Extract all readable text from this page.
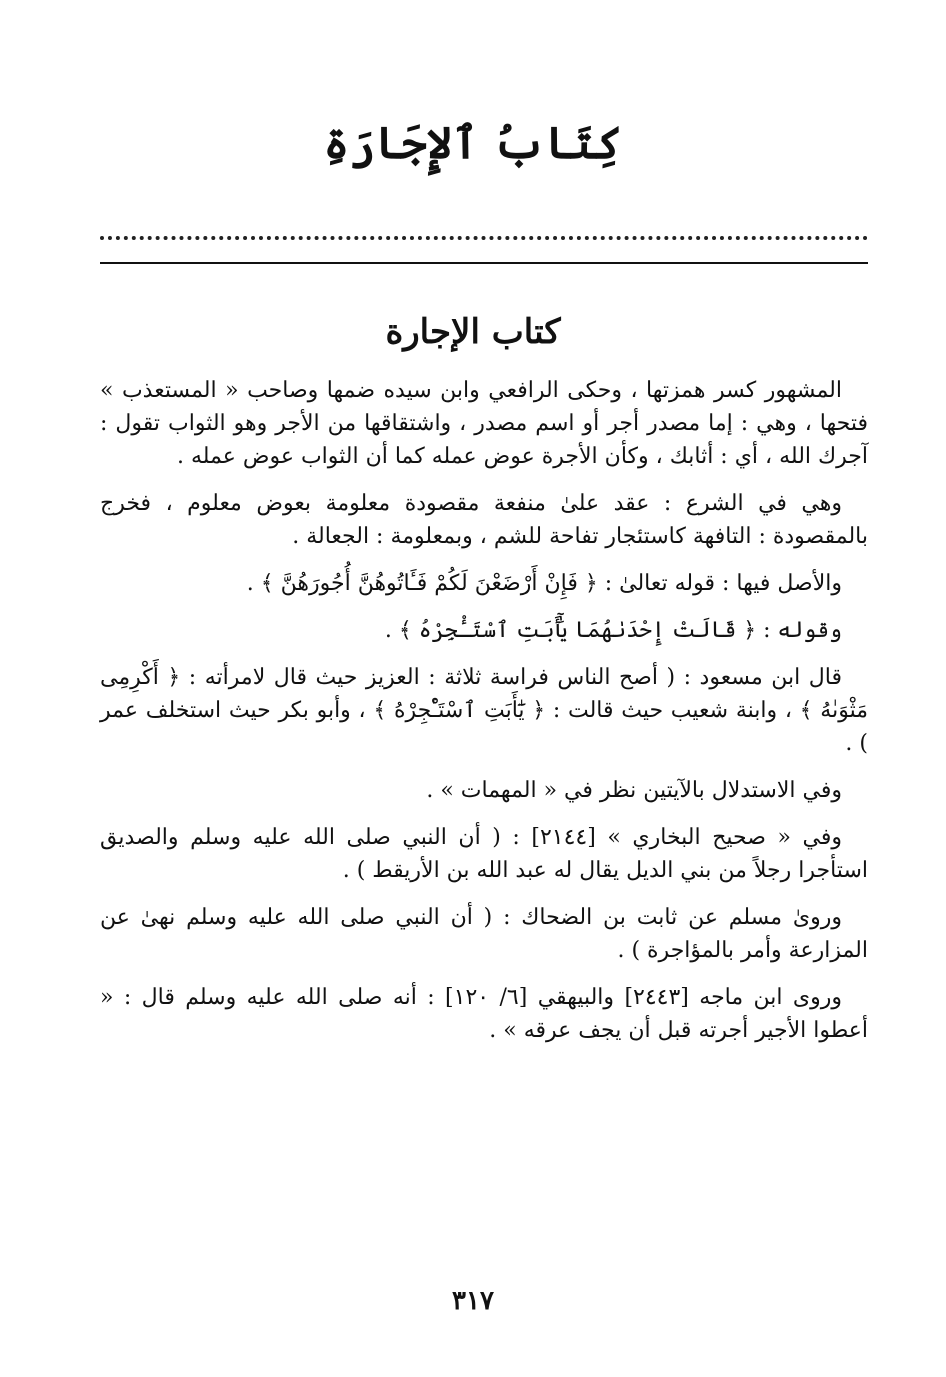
كِتَابُ ٱلإِجَارَةِ
كتاب الإجارة

المشهور كسر همزتها ، وحكى الرافعي وابن سيده ضمها وصاحب « المستعذب » فتحها ، وهي : إما مصدر أجر أو اسم مصدر ، واشتقاقها من الأجر وهو الثواب تقول : آجرك الله ، أي : أثابك ، وكأن الأجرة عوض عمله كما أن الثواب عوض عمله .

وهي في الشرع : عقد علىٰ منفعة مقصودة معلومة بعوض معلوم ، فخرج بالمقصودة : التافهة كاستئجار تفاحة للشم ، وبمعلومة : الجعالة .

والأصل فيها : قوله تعالىٰ : ﴿ فَإِنْ أَرْضَعْنَ لَكُمْ فَـَٔاتُوهُنَّ أُجُورَهُنَّ ﴾ .

وقوله : ﴿ قَالَتْ إِحْدَىٰهُمَا يَٰٓأَبَتِ ٱسْتَـْٔجِرْهُ ﴾ .

قال ابن مسعود : ( أصح الناس فراسة ثلاثة : العزيز حيث قال لامرأته : ﴿ أَكْرِمِى مَثْوَىٰهُ ﴾ ، وابنة شعيب حيث قالت : ﴿ يَٰٓأَبَتِ ٱسْتَـْٔجِرْهُ ﴾ ، وأبو بكر حيث استخلف عمر ) .

وفي الاستدلال بالآيتين نظر في « المهمات » .

وفي « صحيح البخاري » [٢١٤٤] : ( أن النبي صلى الله عليه وسلم والصديق استأجرا رجلاً من بني الديل يقال له عبد الله بن الأريقط ) .

وروىٰ مسلم عن ثابت بن الضحاك : ( أن النبي صلى الله عليه وسلم نهىٰ عن المزارعة وأمر بالمؤاجرة ) .

وروى ابن ماجه [٢٤٤٣] والبيهقي [٦/ ١٢٠] : أنه صلى الله عليه وسلم قال : « أعطوا الأجير أجرته قبل أن يجف عرقه » .

٣١٧
